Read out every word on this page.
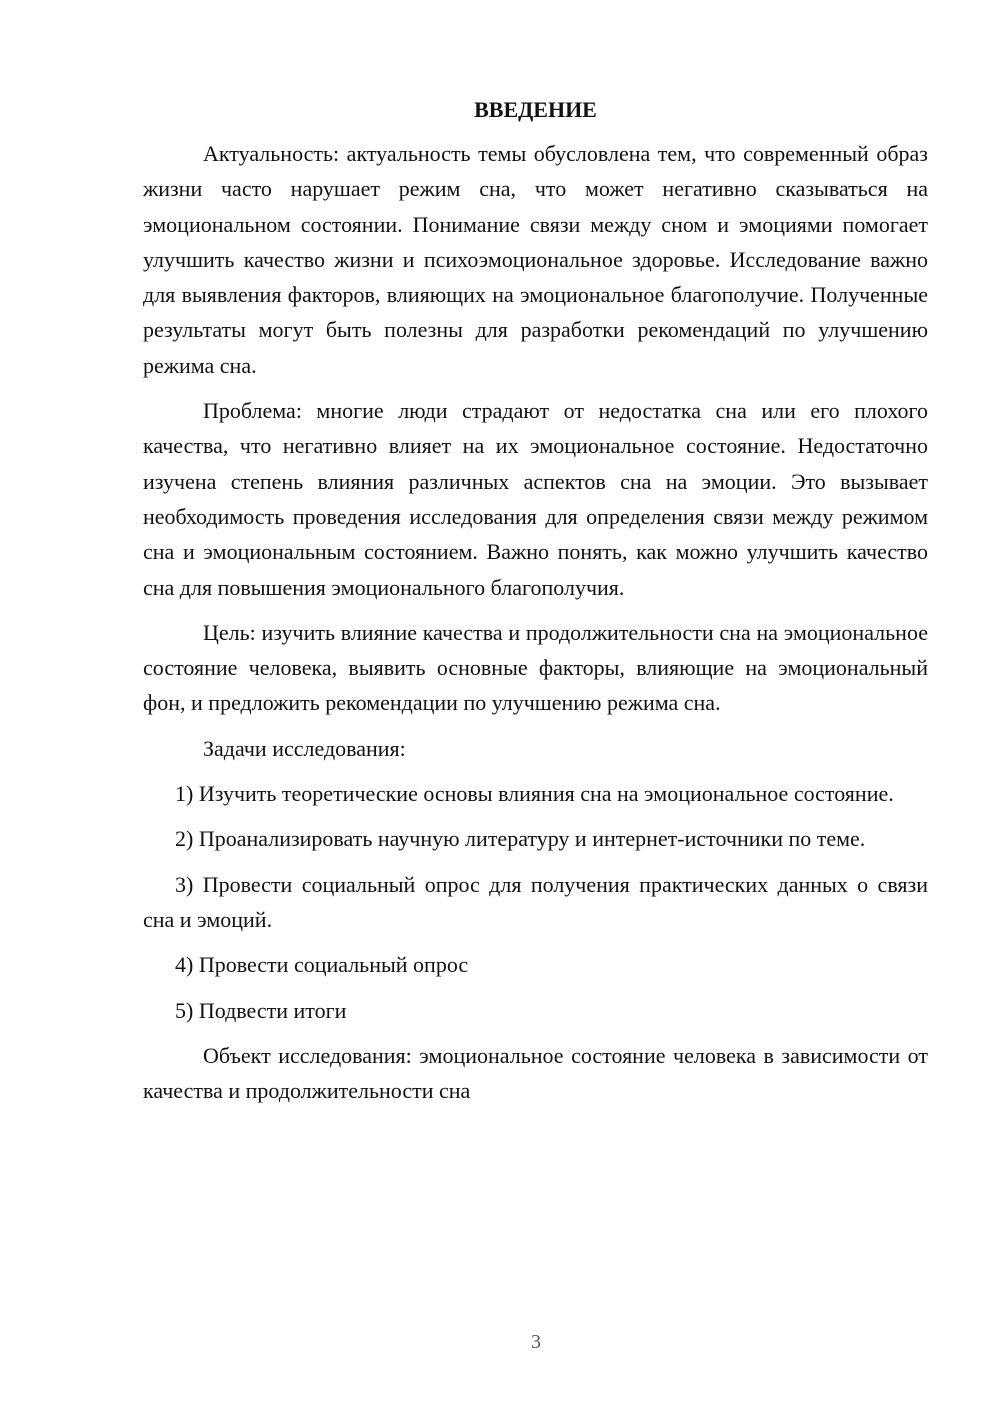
ВВЕДЕНИЕ

Актуальность: актуальность темы обусловлена тем, что современный образ жизни часто нарушает режим сна, что может негативно сказываться на эмоциональном состоянии. Понимание связи между сном и эмоциями помогает улучшить качество жизни и психоэмоциональное здоровье. Исследование важно для выявления факторов, влияющих на эмоциональное благополучие. Полученные результаты могут быть полезны для разработки рекомендаций по улучшению режима сна.

Проблема: многие люди страдают от недостатка сна или его плохого качества, что негативно влияет на их эмоциональное состояние. Недостаточно изучена степень влияния различных аспектов сна на эмоции. Это вызывает необходимость проведения исследования для определения связи между режимом сна и эмоциональным состоянием. Важно понять, как можно улучшить качество сна для повышения эмоционального благополучия.

Цель: изучить влияние качества и продолжительности сна на эмоциональное состояние человека, выявить основные факторы, влияющие на эмоциональный фон, и предложить рекомендации по улучшению режима сна.

Задачи исследования:

1) Изучить теоретические основы влияния сна на эмоциональное состояние.

2) Проанализировать научную литературу и интернет-источники по теме.

3) Провести социальный опрос для получения практических данных о связи сна и эмоций.

4) Провести социальный опрос

5) Подвести итоги

Объект исследования: эмоциональное состояние человека в зависимости от качества и продолжительности сна

3
